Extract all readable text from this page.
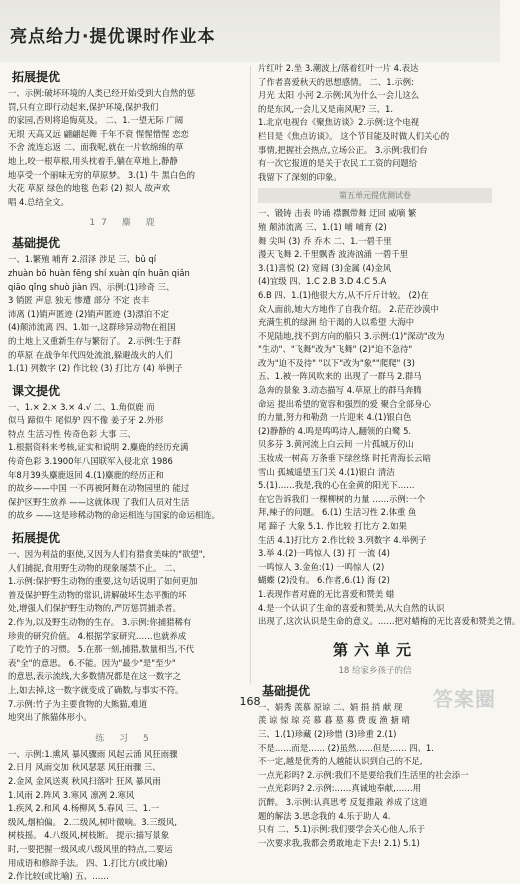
亮点给力·提优课时作业本
拓展提优

一、示例:破坏环境的人类已经开始受到大自然的惩

罚,只有立即行动起来,保护环境,保护我们

的家园,否则将追悔莫及。 二、1.一望无际 广阔

无垠 天高又远 翩翩起舞 千年不衰 惺惺惜惺 恋恋

不舍 流连忘返 二、面我呢,就在一片软绵绵的草

地上,咬一根草根,用头枕着手,躺在草地上,静静

地享受一个丽味无穷的草原梦。 3.(1) 牛 黑白色的

大花 草原 绿色的地毯 色彩 (2) 拟人 故声欢

唱 4.总结全文。

17 麋 鹿
基础提优

一、1.繁殖 哺育 2.沼泽 涉足 三、bǔ qí

zhuàn bō huàn fēng shí xuàn qín huān qiǎn

qiāo qǐng shuò jiàn 四、示例:(1)珍奇 三、

3 销匿 声息 独无 惨遭 部分 不定 丧丰

沛离 (1)销声匿迹 (2)销声匿迹 (3)漂泊不定

(4)颠沛流离 四、1.如一,这群珍异动物在祖国

的土地上又重新生存与繁衍了。 2.示例:生于群

的草原 在战争年代四处流浪,躲避战火的人们

1.(1) 列数字 (2) 作比较 (3) 打比方 (4) 举例子

课文提优

一、1.× 2.× 3.× 4.√ 二、1.角似鹿 而

似马 蹄似牛 尾似驴 四不像 姜子牙 2.外形

特点 生活习性 传奇色彩 大事 三、

1.根据资料来考核,证实和说明 2.麋鹿的经历充满

传奇色彩 3.1900年八国联军入侵北京 1986

年8月39头麋鹿返回 4.(1)麋鹿的经历正和

的故乡——中国 一不再被阿舞在动物园里的 能过

保护区野生放养 ——这就体现 了我们人员对生活

的故乡 ——这是珍稀动物的命运相连与国家的命运相连。

拓展提优

一、因为利益的驱使,又因为人们有猎食美味的"欲望",

人们捕捉,食用野生动物的现象屡禁不止。 二、

1.示例:保护野生动物的重要,这句话说明了如何更加

普及保护野生动物的常识,讲解破坏生态平衡的坏

处,增强人们保护野生动物的,严厉惩罚捕杀者。

2.作为,以及野生动物的生存。 3.示例:你捕猎稀有

珍贵的研究价值。 4.根据学家研究……也就养成

了吃竹子的习惯。 5.在那一刻,捕猎,数量相当,不代

表"全"的意思。 6.不能。因为"最少"是"至少"

的意思,表示流线,大多数情况都是在这一数字之

上,如去掉,这一数字就变成了确数,与事实不符。

7.示例:竹子为主要食物的大熊猫,难道

地突出了熊猫体形小。

练 习 5

一、示例:1.熏风 暴风骤雨 风起云涌 风狂雨骤

2.日月 风雨交加 秋风瑟瑟 风狂雨骤 三、

2.金风 金风送爽 秋风扫落叶 狂风 暴风雨

1.风雨 2.阵风 3.寒风 凛冽 2.寒风

1.疾风 2.和风 4.杨柳风 5.春风 三、1.一

级风,烟柏偏。 2.二级风,树叶微响。3.三级风,

树枝摇。 4.八级风,树枝断。 提示:描写景象

时,一要把握一级风或八级风里的特点,二要运

用成语和修辞手法。 四、1.打比方(或比喻)

2.作比较(或比喻) 五、……

片红叶 2.坐 3.潮波上/落着红叶一片 4.表达

了作者喜爱秋天的思想感情。 二、1.示例:

月光 太阳 小河 2.示例:风为什么一会儿这么

的是东风,一会儿又是南风呢? 三、1.

1.北京电视台《聚焦访谈》2.示例:这个电视

栏目是《焦点访谈》。 这个节目能及时做人们关心的

事情,把握社会热点,立场公正。 3.示例:我们台

有一次它报道的是关于农民工工资的问题给

我留下了深刻的印象。

第五单元提优测试卷

一、锻铸 击表 吟诵 襟飘带舞 迂回 威嘀 繁

殖 颠沛流离 三、1.(1) 哺 哺育 (2)

舞 尖叫 (3) 乔 乔木 二、1.一碧千里

漫天飞舞 2.千里飘香 波涛汹涌 一碧千里

3.(1)喜悦 (2) 宽阔 (3)金属 (4)金风

(4)宜级 四、1.C 2.B 3.D 4.C 5.A

6.B 四、1.(1)他很大方,从不斤斤计较。 (2)在

众人面前,她大方地作了自我介绍。 2.茫茫沙漠中

充满生机的绿洲 给干渴的人以希望 大海中

不见陆地,找不到方向的船只 3.示例:(1)"深动"改为

"生动"、"飞舞"改为"飞舞" (2)"迫不急待"

改为"迫不及待" "以下"改为"象""爬爬" (3)

五、1.被一阵风吹来的 出现了一群马 2.群马

急奔的景象 3.动态描写 4.草原上的群马奔腾

命运 提出希望的宽容和强烈的爱 聚合全部身心

的力量,努力和勒劲 一片迎来 4.(1)银白色

(2)静静的 4.鸣是鸣鸣诗人,翻领的白鹭 5.

贝多芬 3.黄河流上白云间 一片孤城万仞山

玉妆成一树高 万条垂下绿丝绦 时托青海长云暗

雪山 孤城遥望玉门关 4.(1)银白 清洁

5.(1)……我是,我的心在金黄的阳光下……

在它告诉我们 一棵柳树的力量 ……示例:一个

拜,辣子的问题。 6.(1) 生活习性 2.体重 鱼

尾 蹄子 大象 5.1. 作比较 打比方 2.如果

生活 4.1)打比方 2.作比较 3.列数字 4.举例子

3.举 4.(2)一鸣惊人 (3) 打 一流 (4)

一鸣惊人 3.金鱼:(1) 一鸣惊人 (2)

蝴蝶 (2)没有。 6.作者,6.(1) 海 (2)

1.表现作者对鹿的无比喜爱和赞美 蜡

4.是一个认识了生命的喜爱和赞美,从大自然的认识

出现了,这次认识是生命的意义。……把对蜡梅的无比喜爱和赞美之情。

第六单元
18 给家乡孩子的信
基础提优

一、娟秀 羡慕 原谅 二、娟 捐 捎 献 现

羡 谅 惊 琼 亮 慕 暮 墓 募 费 废 渔 搪 晴

三、1.(1)珍藏 (2)珍惜 (3)珍重 2.(1)

不是……而是…… (2)虽然……但是…… 四、1.

不一定,越是优秀的人越能认识到自己的不足,

一点光彩吗? 2.示例:我们不是要给我们生活里的社会添一

一点光彩吗? 2.示例:……真诚地奉献,……用

沉醉。 3.示例:认真思考 反复推敲 养成了这道

题的解法 3.思念我的 4.乐于助人 4.

只有 二、5.1)示例:我们要学会关心他人,乐于

一次要求我,我都会勇敢地走下去! 2.1) 5.1)

168	答案圈
